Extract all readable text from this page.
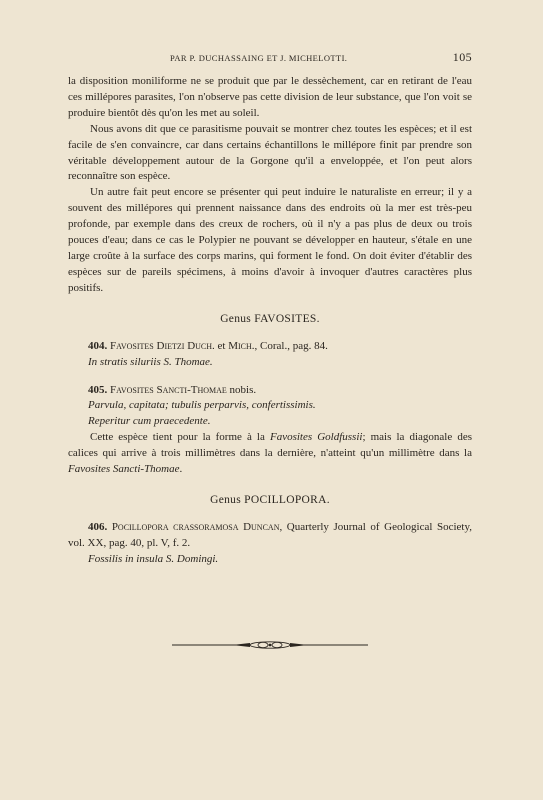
PAR P. DUCHASSAING ET J. MICHELOTTI.	105

la disposition moniliforme ne se produit que par le dessèchement, car en retirant de l'eau ces millépores parasites, l'on n'observe pas cette division de leur substance, que l'on voit se produire bientôt dès qu'on les met au soleil.

Nous avons dit que ce parasitisme pouvait se montrer chez toutes les espèces; et il est facile de s'en convaincre, car dans certains échantillons le millépore finit par prendre son véritable développement autour de la Gorgone qu'il a enveloppée, et l'on peut alors reconnaître son espèce.

Un autre fait peut encore se présenter qui peut induire le naturaliste en erreur; il y a souvent des millépores qui prennent naissance dans des endroits où la mer est très-peu profonde, par exemple dans des creux de rochers, où il n'y a pas plus de deux ou trois pouces d'eau; dans ce cas le Polypier ne pouvant se développer en hauteur, s'étale en une large croûte à la surface des corps marins, qui forment le fond. On doit éviter d'établir des espèces sur de pareils spécimens, à moins d'avoir à invoquer d'autres caractères plus positifs.

Genus FAVOSITES.

404. Favosites Dietzi Duch. et Mich., Coral., pag. 84.

In stratis siluriis S. Thomae.

405. Favosites Sancti-Thomae nobis.

Parvula, capitata; tubulis perparvis, confertissimis.

Reperitur cum praecedente.

Cette espèce tient pour la forme à la Favosites Goldfussii; mais la diagonale des calices qui arrive à trois millimètres dans la dernière, n'atteint qu'un millimètre dans la Favosites Sancti-Thomae.

Genus POCILLOPORA.

406. Pocillopora crassoramosa Duncan, Quarterly Journal of Geological Society, vol. XX, pag. 40, pl. V, f. 2.

Fossilis in insula S. Domingi.
